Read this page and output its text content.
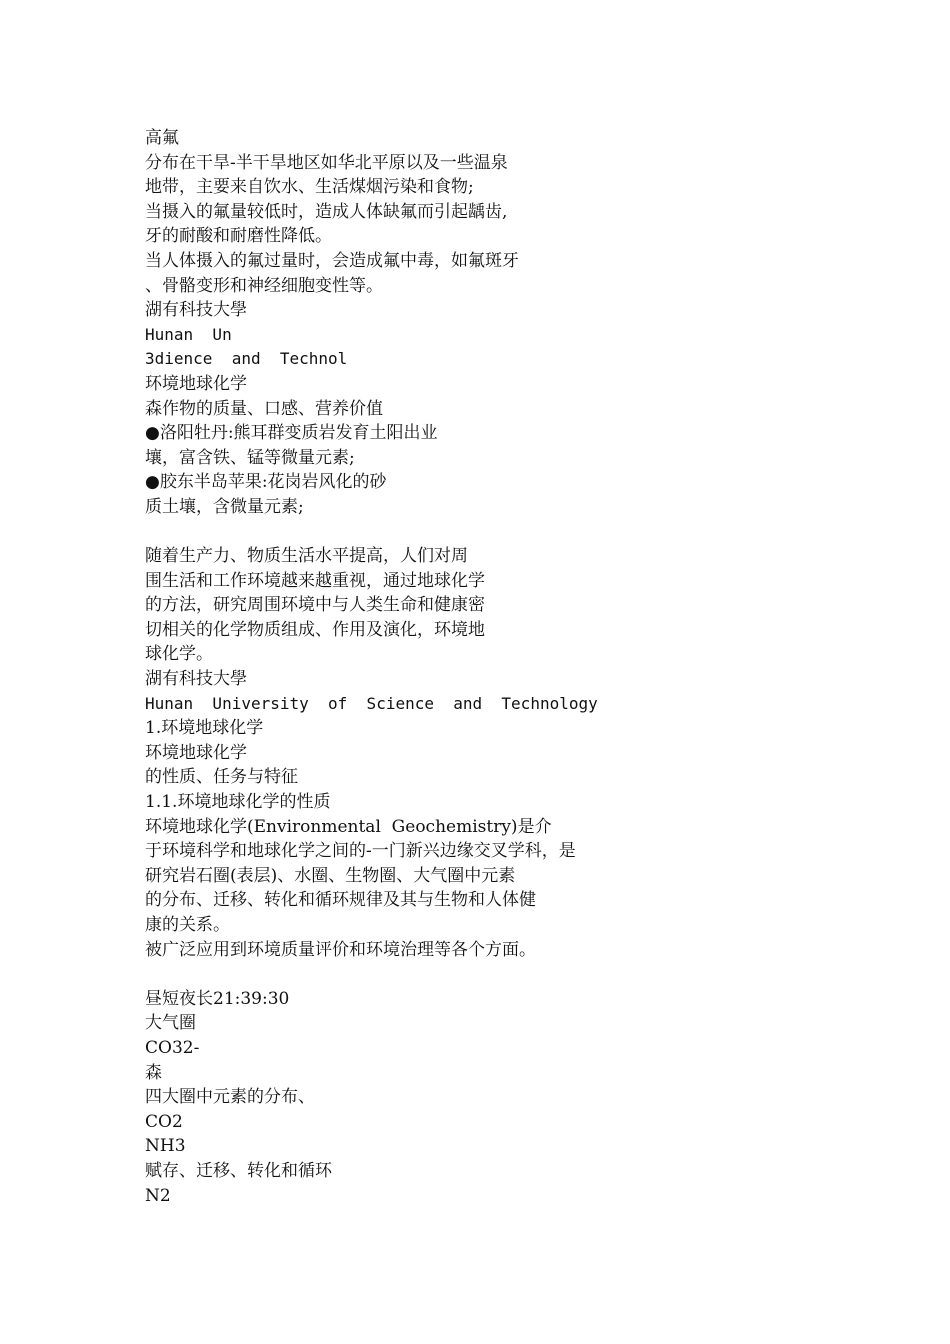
高氟
分布在干旱-半干旱地区如华北平原以及一些温泉
地带，主要来自饮水、生活煤烟污染和食物;
当摄入的氟量较低时，造成人体缺氟而引起龋齿,
牙的耐酸和耐磨性降低。
当人体摄入的氟过量时，会造成氟中毒，如氟斑牙
、骨骼变形和神经细胞变性等。
湖有科技大學
Hunan  Un
3dience  and  Technol
环境地球化学
森作物的质量、口感、营养价值
●洛阳牡丹:熊耳群变质岩发育土阳出业
壤，富含铁、锰等微量元素;
●胶东半岛苹果:花岗岩风化的砂
质土壤，含微量元素;
随着生产力、物质生活水平提高，人们对周
围生活和工作环境越来越重视，通过地球化学
的方法，研究周围环境中与人类生命和健康密
切相关的化学物质组成、作用及演化，环境地
球化学。
湖有科技大學
Hunan  University  of  Science  and  Technology
1.环境地球化学
环境地球化学
的性质、任务与特征
1.1.环境地球化学的性质
环境地球化学(Environmental  Geochemistry)是介
于环境科学和地球化学之间的-一门新兴边缘交叉学科，是
研究岩石圈(表层)、水圈、生物圈、大气圈中元素
的分布、迁移、转化和循环规律及其与生物和人体健
康的关系。
被广泛应用到环境质量评价和环境治理等各个方面。
昼短夜长21:39:30
大气圈
CO32-
森
四大圈中元素的分布、
CO2
NH3
赋存、迁移、转化和循环
N2
